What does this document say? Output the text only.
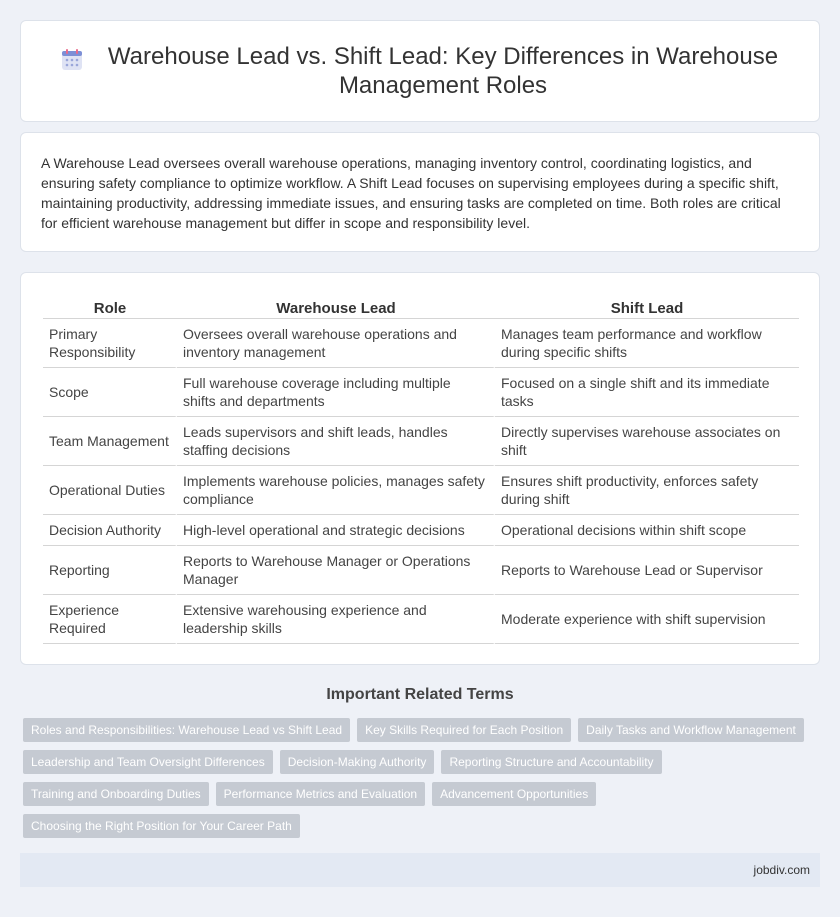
Warehouse Lead vs. Shift Lead: Key Differences in Warehouse Management Roles

A Warehouse Lead oversees overall warehouse operations, managing inventory control, coordinating logistics, and ensuring safety compliance to optimize workflow. A Shift Lead focuses on supervising employees during a specific shift, maintaining productivity, addressing immediate issues, and ensuring tasks are completed on time. Both roles are critical for efficient warehouse management but differ in scope and responsibility level.

Role	Warehouse Lead	Shift Lead
Primary Responsibility	Oversees overall warehouse operations and inventory management	Manages team performance and workflow during specific shifts
Scope	Full warehouse coverage including multiple shifts and departments	Focused on a single shift and its immediate tasks
Team Management	Leads supervisors and shift leads, handles staffing decisions	Directly supervises warehouse associates on shift
Operational Duties	Implements warehouse policies, manages safety compliance	Ensures shift productivity, enforces safety during shift
Decision Authority	High-level operational and strategic decisions	Operational decisions within shift scope
Reporting	Reports to Warehouse Manager or Operations Manager	Reports to Warehouse Lead or Supervisor
Experience Required	Extensive warehousing experience and leadership skills	Moderate experience with shift supervision
Important Related Terms
Roles and Responsibilities: Warehouse Lead vs Shift Lead	Key Skills Required for Each Position	Daily Tasks and Workflow Management
Leadership and Team Oversight Differences	Decision-Making Authority	Reporting Structure and Accountability
Training and Onboarding Duties	Performance Metrics and Evaluation	Advancement Opportunities
Choosing the Right Position for Your Career Path
jobdiv.com
